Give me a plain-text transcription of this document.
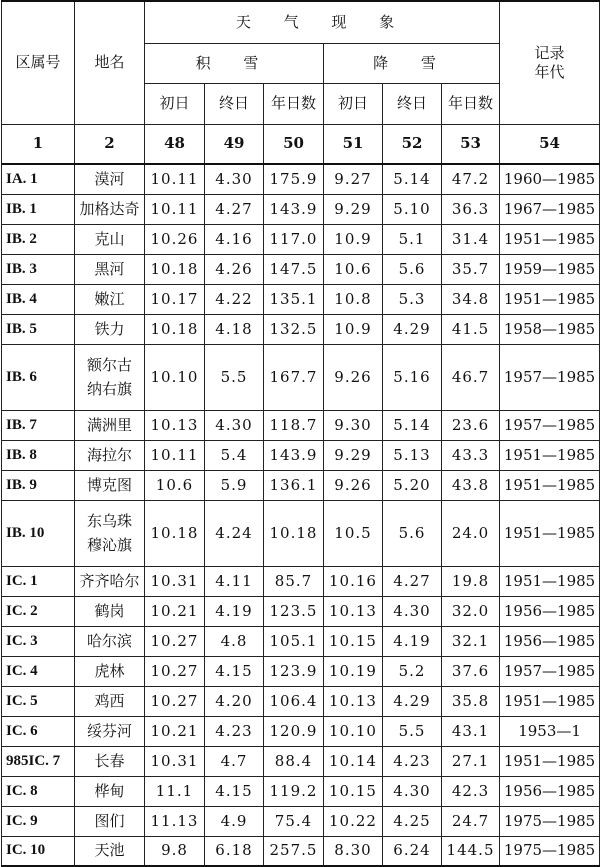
区属号	地名	天 气 现 象						记录
年代
		积 雪			降 雪			
		初日	终日	年日数	初日	终日	年日数	
1	2	48	49	50	51	52	53	54
IA. 1	漠河	10.11	4.30	175.9	9.27	5.14	47.2	1960—1985
IB. 1	加格达奇	10.11	4.27	143.9	9.29	5.10	36.3	1967—1985
IB. 2	克山	10.26	4.16	117.0	10.9	5.1	31.4	1951—1985
IB. 3	黑河	10.18	4.26	147.5	10.6	5.6	35.7	1959—1985
IB. 4	嫩江	10.17	4.22	135.1	10.8	5.3	34.8	1951—1985
IB. 5	铁力	10.18	4.18	132.5	10.9	4.29	41.5	1958—1985
IB. 6	额尔古纳右旗	10.10	5.5	167.7	9.26	5.16	46.7	1957—1985
IB. 7	满洲里	10.13	4.30	118.7	9.30	5.14	23.6	1957—1985
IB. 8	海拉尔	10.11	5.4	143.9	9.29	5.13	43.3	1951—1985
IB. 9	博克图	10.6	5.9	136.1	9.26	5.20	43.8	1951—1985
IB. 10	东乌珠穆沁旗	10.18	4.24	10.18	10.5	5.6	24.0	1951—1985
IC. 1	齐齐哈尔	10.31	4.11	85.7	10.16	4.27	19.8	1951—1985
IC. 2	鹤岗	10.21	4.19	123.5	10.13	4.30	32.0	1956—1985
IC. 3	哈尔滨	10.27	4.8	105.1	10.15	4.19	32.1	1956—1985
IC. 4	虎林	10.27	4.15	123.9	10.19	5.2	37.6	1957—1985
IC. 5	鸡西	10.27	4.20	106.4	10.13	4.29	35.8	1951—1985
IC. 6	绥芬河	10.21	4.23	120.9	10.10	5.5	43.1	1953—1
985IC. 7	长春	10.31	4.7	88.4	10.14	4.23	27.1	1951—1985
IC. 8	桦甸	11.1	4.15	119.2	10.15	4.30	42.3	1956—1985
IC. 9	图们	11.13	4.9	75.4	10.22	4.25	24.7	1975—1985
IC. 10	天池	9.8	6.18	257.5	8.30	6.24	144.5	1975—1985
